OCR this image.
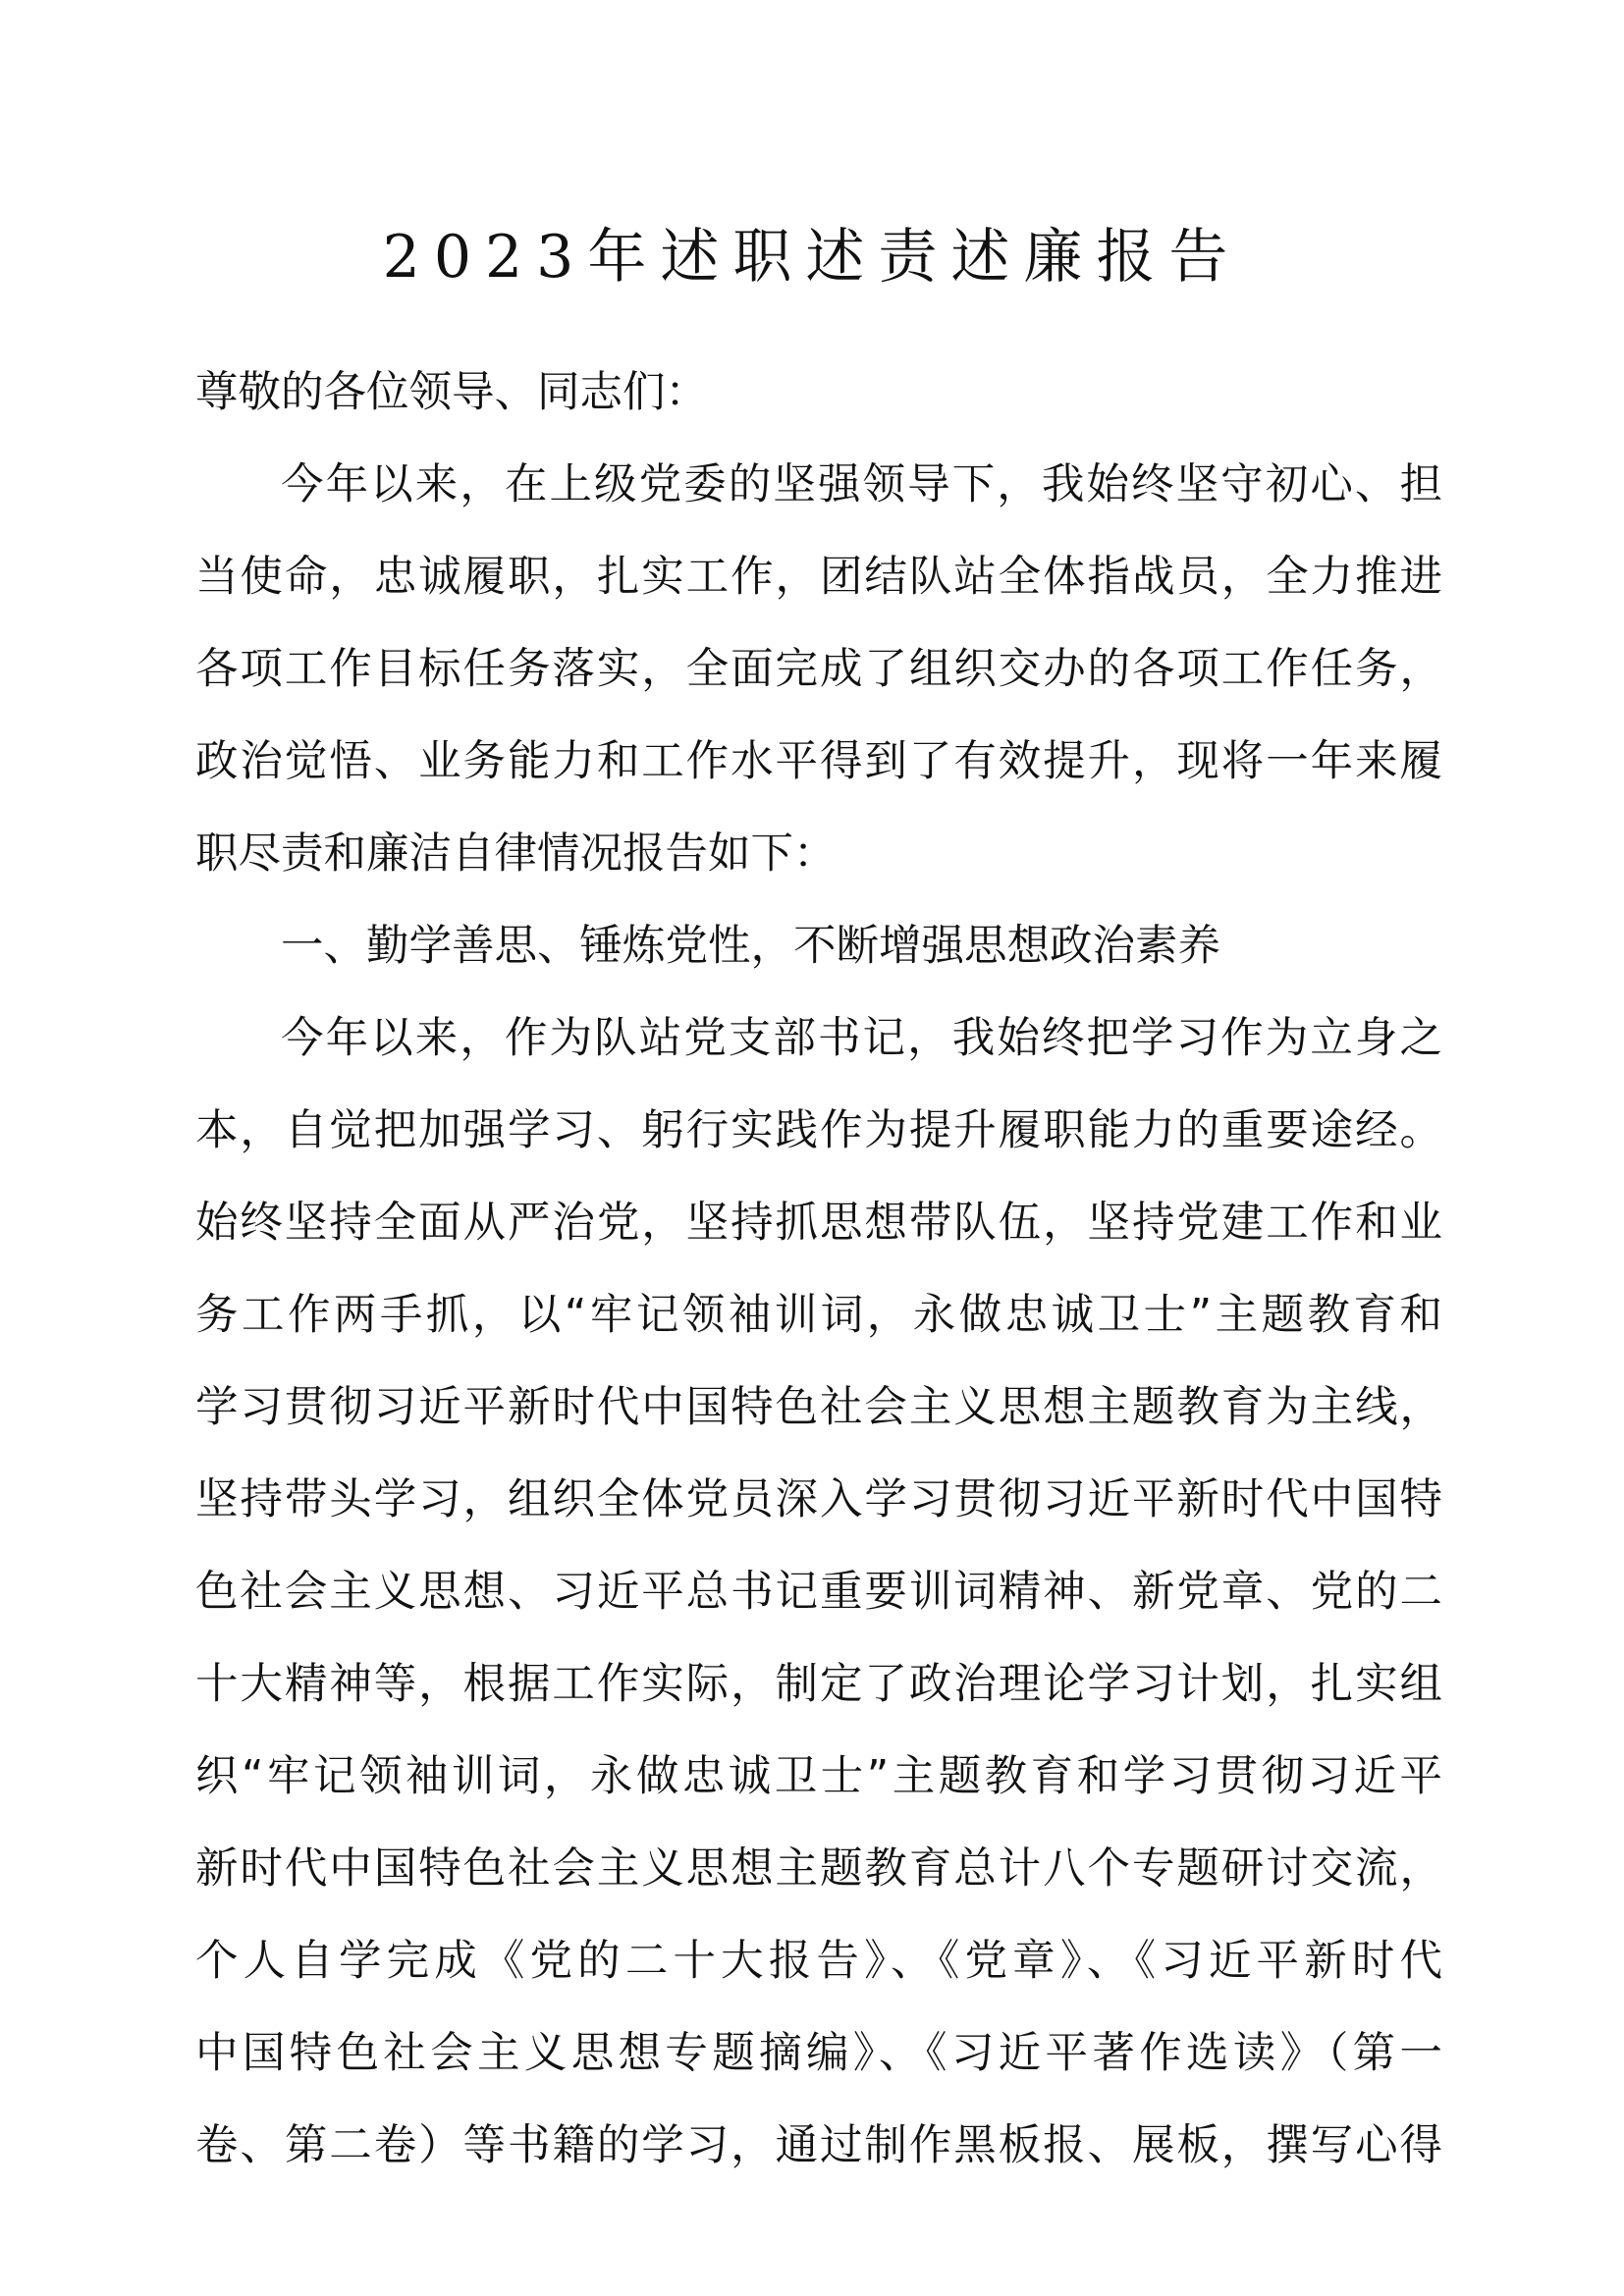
2023年述职述责述廉报告
尊敬的各位领导、同志们：
今年以来，在上级党委的坚强领导下，我始终坚守初心、担
当使命，忠诚履职，扎实工作，团结队站全体指战员，全力推进
各项工作目标任务落实，全面完成了组织交办的各项工作任务，
政治觉悟、业务能力和工作水平得到了有效提升，现将一年来履
职尽责和廉洁自律情况报告如下：
一、勤学善思、锤炼党性，不断增强思想政治素养
今年以来，作为队站党支部书记，我始终把学习作为立身之
本，自觉把加强学习、躬行实践作为提升履职能力的重要途经。
始终坚持全面从严治党，坚持抓思想带队伍，坚持党建工作和业
务工作两手抓，以“牢记领袖训词，永做忠诚卫士”主题教育和
学习贯彻习近平新时代中国特色社会主义思想主题教育为主线，
坚持带头学习，组织全体党员深入学习贯彻习近平新时代中国特
色社会主义思想、习近平总书记重要训词精神、新党章、党的二
十大精神等，根据工作实际，制定了政治理论学习计划，扎实组
织“牢记领袖训词，永做忠诚卫士”主题教育和学习贯彻习近平
新时代中国特色社会主义思想主题教育总计八个专题研讨交流，
个人自学完成《党的二十大报告》、《党章》、《习近平新时代
中国特色社会主义思想专题摘编》、《习近平著作选读》（第一
卷、第二卷）等书籍的学习，通过制作黑板报、展板，撰写心得
